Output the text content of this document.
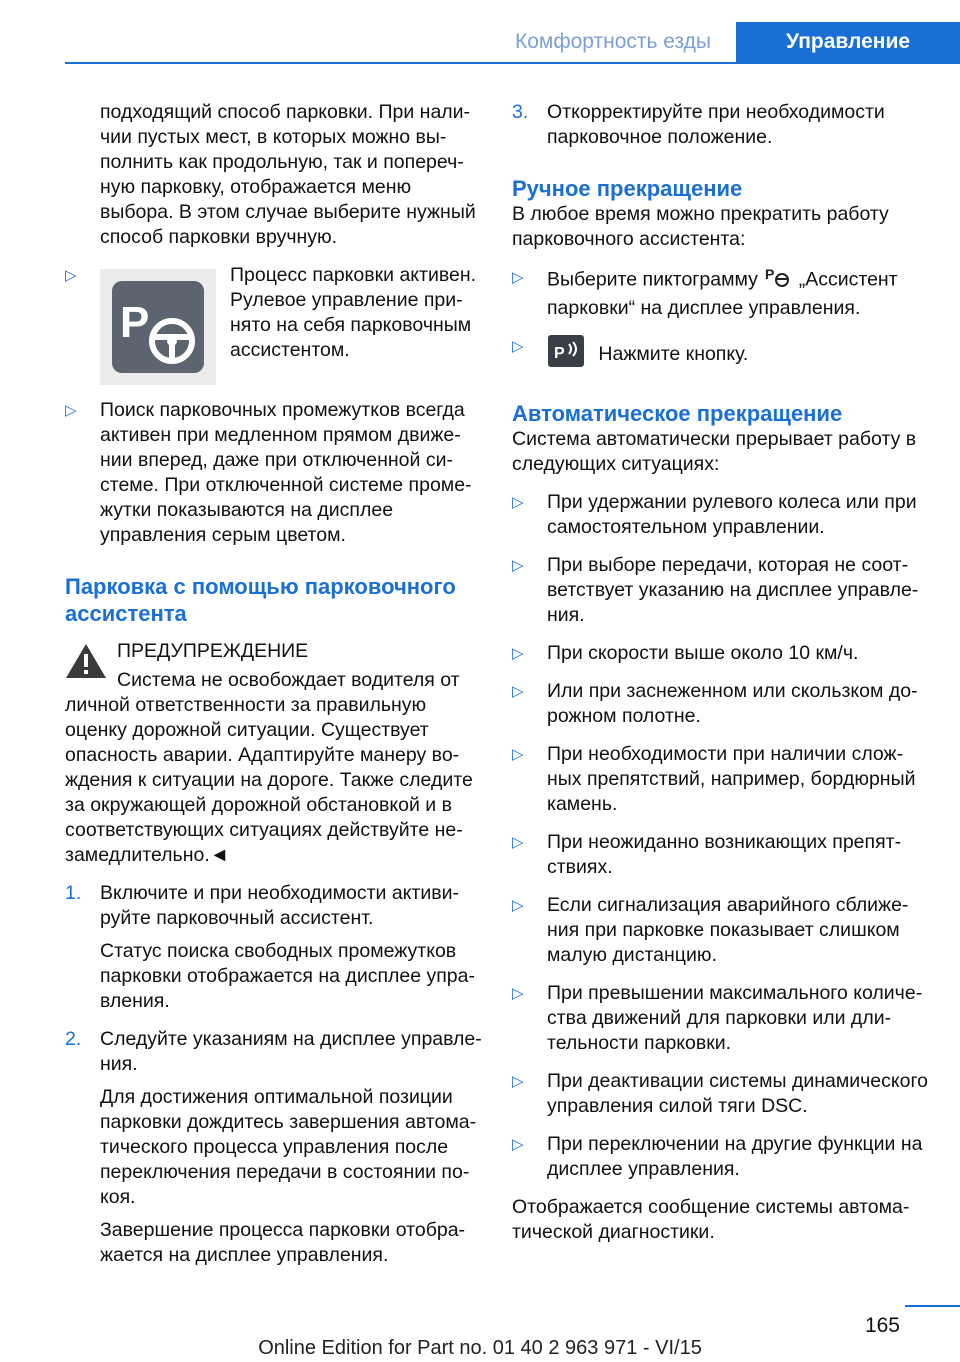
Комфортность езды	Управление

подходящий способ парковки. При нали-

чии пустых мест, в которых можно вы-

полнить как продольную, так и попереч-

ную парковку, отображается меню

выбора. В этом случае выберите нужный

способ парковки вручную.

▷
P

Процесс парковки активен.

Рулевое управление при-

нято на себя парковочным

ассистентом.

▷ Поиск парковочных промежутков всегда

активен при медленном прямом движе-

нии вперед, даже при отключенной си-

стеме. При отключенной системе проме-

жутки показываются на дисплее

управления серым цветом.

Парковка с помощью парковочного
ассистента

ПРЕДУПРЕЖДЕНИЕ

Система не освобождает водителя от

личной ответственности за правильную

оценку дорожной ситуации. Существует

опасность аварии. Адаптируйте манеру во-

ждения к ситуации на дороге. Также следите

за окружающей дорожной обстановкой и в

соответствующих ситуациях действуйте не-

замедлительно.◄

1. Включите и при необходимости активи-

руйте парковочный ассистент.

Статус поиска свободных промежутков

парковки отображается на дисплее упра-

вления.

2. Следуйте указаниям на дисплее управле-

ния.

Для достижения оптимальной позиции

парковки дождитесь завершения автома-

тического процесса управления после

переключения передачи в состоянии по-

коя.

Завершение процесса парковки отобра-

жается на дисплее управления.

3. Откорректируйте при необходимости

парковочное положение.

Ручное прекращение

В любое время можно прекратить работу

парковочного ассистента:

▷ Выберите пиктограмму P „Ассистент

парковки“ на дисплее управления.

▷ P Нажмите кнопку.

Автоматическое прекращение

Система автоматически прерывает работу в

следующих ситуациях:

▷ При удержании рулевого колеса или при

самостоятельном управлении.

▷ При выборе передачи, которая не соот-

ветствует указанию на дисплее управле-

ния.

▷ При скорости выше около 10 км/ч.

▷ Или при заснеженном или скользком до-

рожном полотне.

▷ При необходимости при наличии слож-

ных препятствий, например, бордюрный

камень.

▷ При неожиданно возникающих препят-

ствиях.

▷ Если сигнализация аварийного сближе-

ния при парковке показывает слишком

малую дистанцию.

▷ При превышении максимального количе-

ства движений для парковки или дли-

тельности парковки.

▷ При деактивации системы динамического

управления силой тяги DSC.

▷ При переключении на другие функции на

дисплее управления.

Отображается сообщение системы автома-

тической диагностики.

165
Online Edition for Part no. 01 40 2 963 971 - VI/15
